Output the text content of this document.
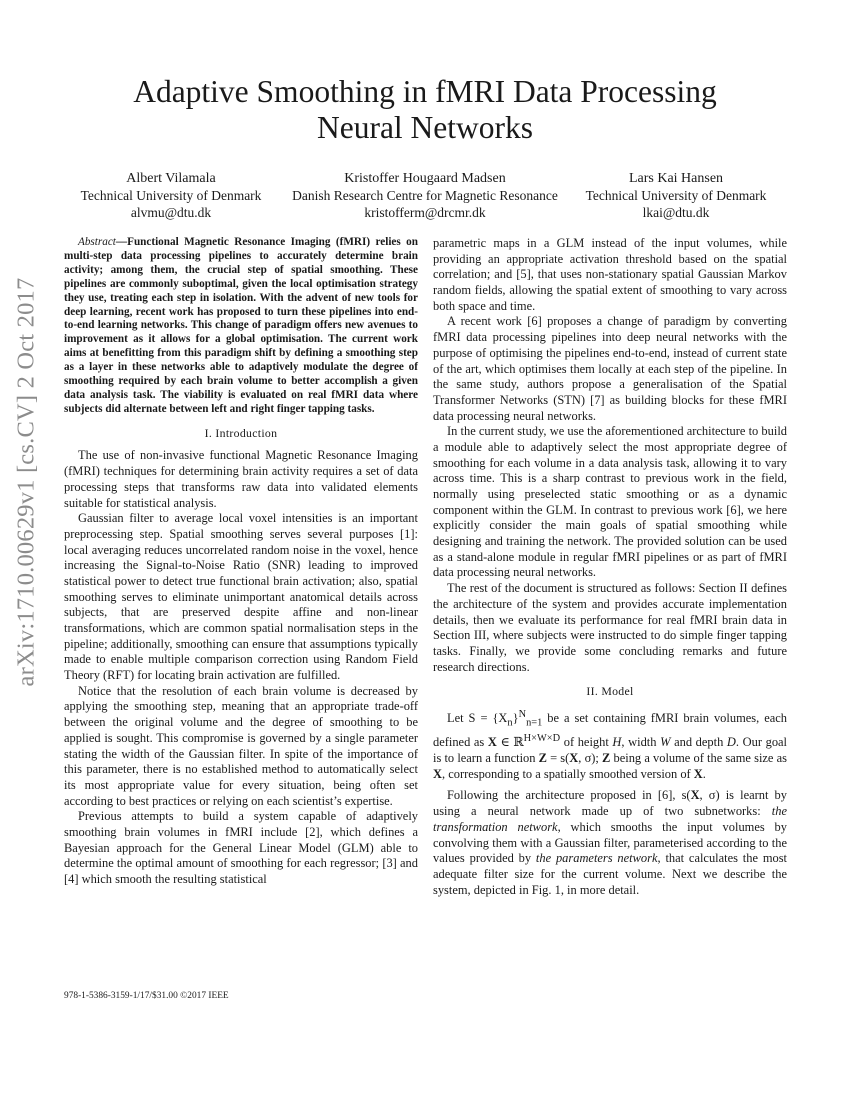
arXiv:1710.00629v1 [cs.CV] 2 Oct 2017
Adaptive Smoothing in fMRI Data Processing Neural Networks
Albert Vilamala
Technical University of Denmark
alvmu@dtu.dk
Kristoffer Hougaard Madsen
Danish Research Centre for Magnetic Resonance
kristofferm@drcmr.dk
Lars Kai Hansen
Technical University of Denmark
lkai@dtu.dk

Abstract—Functional Magnetic Resonance Imaging (fMRI) relies on multi-step data processing pipelines to accurately determine brain activity; among them, the crucial step of spatial smoothing. These pipelines are commonly suboptimal, given the local optimisation strategy they use, treating each step in isolation. With the advent of new tools for deep learning, recent work has proposed to turn these pipelines into end-to-end learning networks. This change of paradigm offers new avenues to improvement as it allows for a global optimisation. The current work aims at benefitting from this paradigm shift by defining a smoothing step as a layer in these networks able to adaptively modulate the degree of smoothing required by each brain volume to better accomplish a given data analysis task. The viability is evaluated on real fMRI data where subjects did alternate between left and right finger tapping tasks.

I. Introduction

The use of non-invasive functional Magnetic Resonance Imaging (fMRI) techniques for determining brain activity requires a set of data processing steps that transforms raw data into validated elements suitable for statistical analysis.

Gaussian filter to average local voxel intensities is an important preprocessing step. Spatial smoothing serves several purposes [1]: local averaging reduces uncorrelated random noise in the voxel, hence increasing the Signal-to-Noise Ratio (SNR) leading to improved statistical power to detect true functional brain activation; also, spatial smoothing serves to eliminate unimportant anatomical details across subjects, that are preserved despite affine and non-linear transformations, which are common spatial normalisation steps in the pipeline; additionally, smoothing can ensure that assumptions typically made to enable multiple comparison correction using Random Field Theory (RFT) for locating brain activation are fulfilled.

Notice that the resolution of each brain volume is decreased by applying the smoothing step, meaning that an appropriate trade-off between the original volume and the degree of smoothing to be applied is sought. This compromise is governed by a single parameter stating the width of the Gaussian filter. In spite of the importance of this parameter, there is no established method to automatically select its most appropriate value for every situation, being often set according to best practices or relying on each scientist’s expertise.

Previous attempts to build a system capable of adaptively smoothing brain volumes in fMRI include [2], which defines a Bayesian approach for the General Linear Model (GLM) able to determine the optimal amount of smoothing for each regressor; [3] and [4] which smooth the resulting statistical

978-1-5386-3159-1/17/$31.00 ©2017 IEEE

parametric maps in a GLM instead of the input volumes, while providing an appropriate activation threshold based on the spatial correlation; and [5], that uses non-stationary spatial Gaussian Markov random fields, allowing the spatial extent of smoothing to vary across both space and time.

A recent work [6] proposes a change of paradigm by converting fMRI data processing pipelines into deep neural networks with the purpose of optimising the pipelines end-to-end, instead of current state of the art, which optimises them locally at each step of the pipeline. In the same study, authors propose a generalisation of the Spatial Transformer Networks (STN) [7] as building blocks for these fMRI data processing neural networks.

In the current study, we use the aforementioned architecture to build a module able to adaptively select the most appropriate degree of smoothing for each volume in a data analysis task, allowing it to vary across time. This is a sharp contrast to previous work in the field, normally using preselected static smoothing or as a dynamic component within the GLM. In contrast to previous work [6], we here explicitly consider the main goals of spatial smoothing while designing and training the network. The provided solution can be used as a stand-alone module in regular fMRI pipelines or as part of fMRI data processing neural networks.

The rest of the document is structured as follows: Section II defines the architecture of the system and provides accurate implementation details, then we evaluate its performance for real fMRI brain data in Section III, where subjects were instructed to do simple finger tapping tasks. Finally, we provide some concluding remarks and future research directions.

II. Model

Let $S = \{X_n\}^N_{n=1}$ be a set containing fMRI brain volumes, each defined as X ∈ ℝ$^{H\times W\times D}$ of height H, width W and depth D. Our goal is to learn a function Z = s(X, σ); Z being a volume of the same size as X, corresponding to a spatially smoothed version of X.

Following the architecture proposed in [6], s(X, σ) is learnt by using a neural network made up of two subnetworks: the transformation network, which smooths the input volumes by convolving them with a Gaussian filter, parameterised according to the values provided by the parameters network, that calculates the most adequate filter size for the current volume. Next we describe the system, depicted in Fig. 1, in more detail.
